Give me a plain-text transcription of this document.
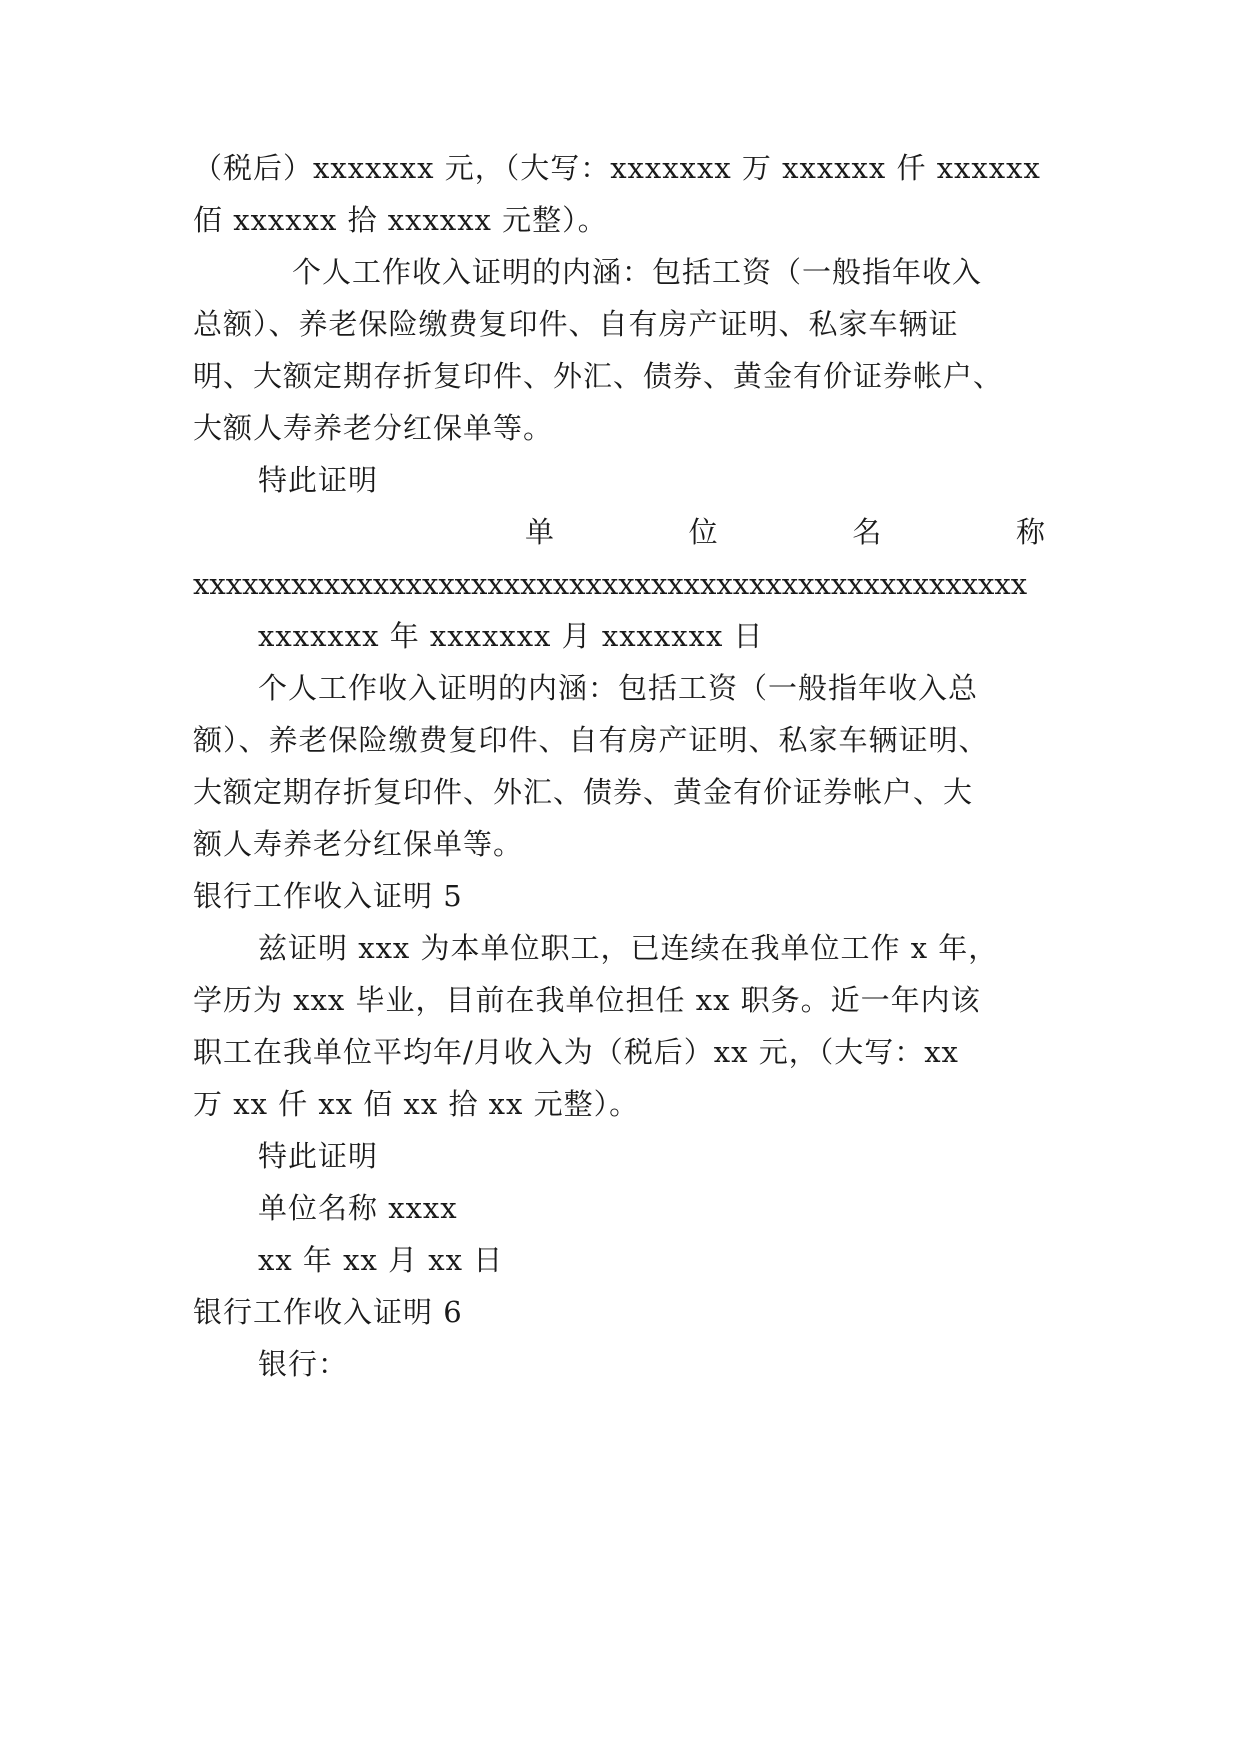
（税后）xxxxxxx 元，（大写：xxxxxxx 万 xxxxxx 仟 xxxxxx
佰 xxxxxx 拾 xxxxxx 元整）。
个人工作收入证明的内涵：包括工资（一般指年收入
总额）、养老保险缴费复印件、自有房产证明、私家车辆证
明、大额定期存折复印件、外汇、债券、黄金有价证券帐户、
大额人寿养老分红保单等。
特此证明
单	位	名	称
xxxxxxxxxxxxxxxxxxxxxxxxxxxxxxxxxxxxxxxxxxxxxxxxxxx
xxxxxxx 年 xxxxxxx 月 xxxxxxx 日
个人工作收入证明的内涵：包括工资（一般指年收入总
额）、养老保险缴费复印件、自有房产证明、私家车辆证明、
大额定期存折复印件、外汇、债券、黄金有价证券帐户、大
额人寿养老分红保单等。
银行工作收入证明 5
兹证明 xxx 为本单位职工，已连续在我单位工作 x 年，
学历为 xxx 毕业，目前在我单位担任 xx 职务。近一年内该
职工在我单位平均年/月收入为（税后）xx 元，（大写：xx
万 xx 仟 xx 佰 xx 拾 xx 元整）。
特此证明
单位名称 xxxx
xx 年 xx 月 xx 日
银行工作收入证明 6
银行：
